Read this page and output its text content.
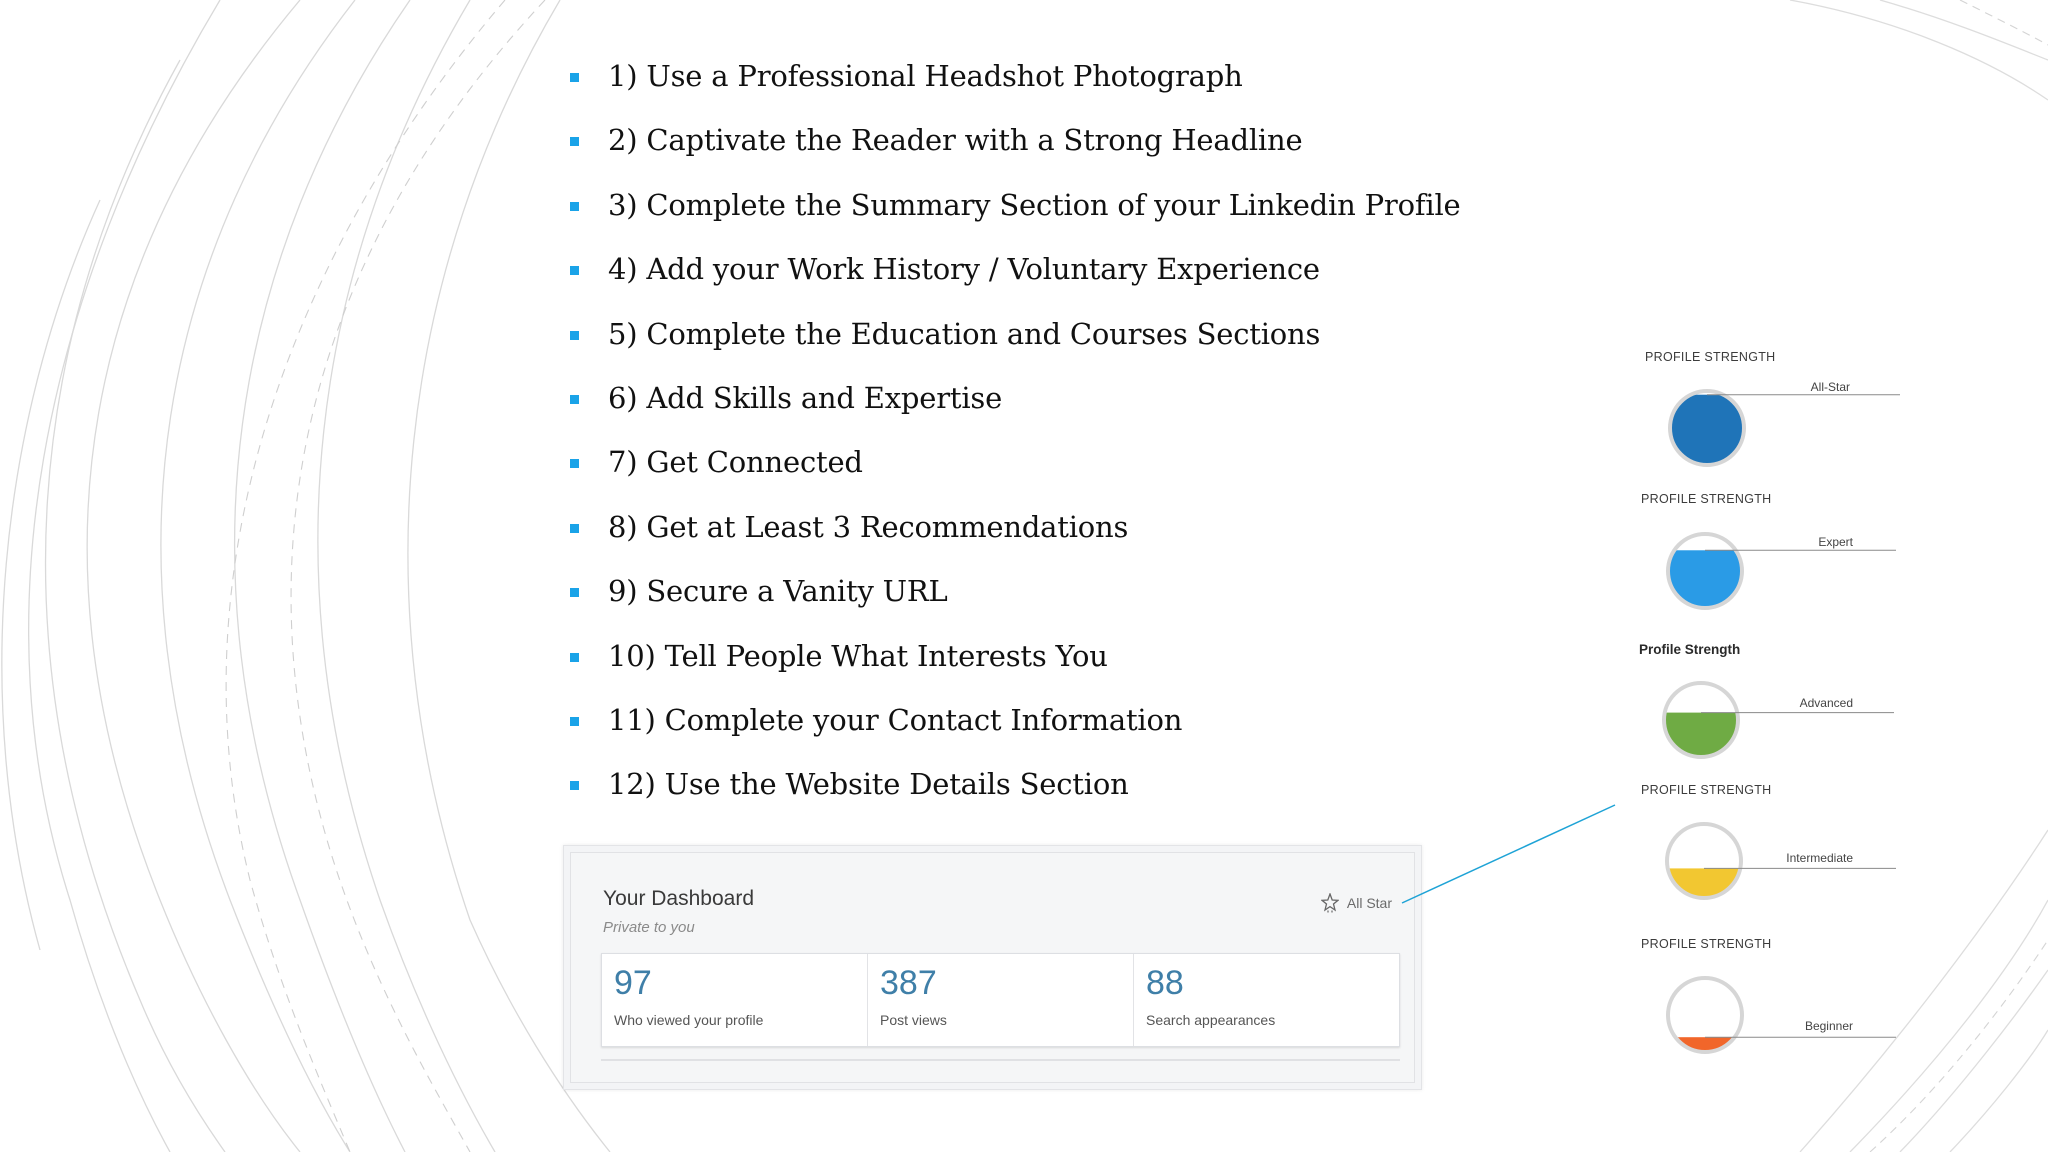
1) Use a Professional Headshot Photograph
2) Captivate the Reader with a Strong Headline
3) Complete the Summary Section of your Linkedin Profile
4) Add your Work History / Voluntary Experience
5) Complete the Education and Courses Sections
6) Add Skills and Expertise
7) Get Connected
8) Get at Least 3 Recommendations
9) Secure a Vanity URL
10) Tell People What Interests You
11) Complete your Contact Information
12) Use the Website Details Section
Your Dashboard
Private to you
All Star
97
Who viewed your profile
387
Post views
88
Search appearances
PROFILE STRENGTH
All-Star
PROFILE STRENGTH
Expert
Profile Strength
Advanced
PROFILE STRENGTH
Intermediate
PROFILE STRENGTH
Beginner
